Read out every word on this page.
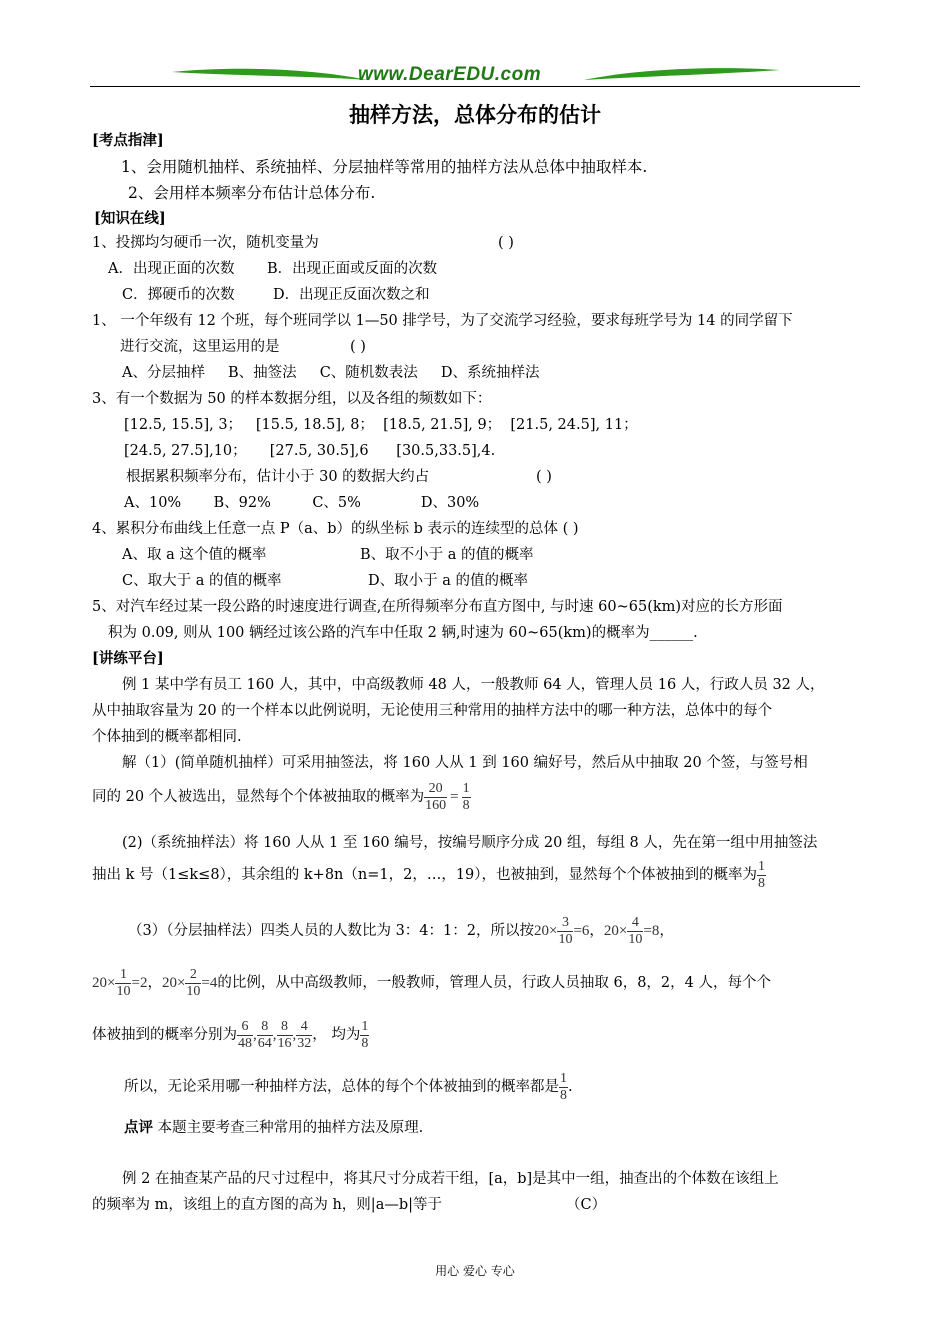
www.DearEDU.com
抽样方法，总体分布的估计
[考点指津]
1、会用随机抽样、系统抽样、分层抽样等常用的抽样方法从总体中抽取样本.
2、会用样本频率分布估计总体分布.
[知识在线]
1、投掷均匀硬币一次，随机变量为	( )
A．出现正面的次数 B．出现正面或反面的次数
C．掷硬币的次数	D．出现正反面次数之和
1、 一个年级有 12 个班，每个班同学以 1—50 排学号，为了交流学习经验，要求每班学号为 14 的同学留下
进行交流，这里运用的是	( )
A、分层抽样     B、抽签法     C、随机数表法     D、系统抽样法
3、有一个数据为 50 的样本数据分组，以及各组的频数如下：
[12.5, 15.5], 3；   [15.5, 18.5], 8；  [18.5, 21.5], 9；  [21.5, 24.5], 11；
[24.5, 27.5],10；     [27.5, 30.5],6      [30.5,33.5],4.
根据累积频率分布，估计小于 30 的数据大约占	( )
A、10%       B、92%         C、5%             D、30%
4、累积分布曲线上任意一点 P（a、b）的纵坐标 b 表示的连续型的总体 ( )
A、取 a 这个值的概率	B、取不小于 a 的值的概率
C、取大于 a 的值的概率	D、取小于 a 的值的概率
5、对汽车经过某一段公路的时速度进行调查,在所得频率分布直方图中, 与时速 60~65(km)对应的长方形面
积为 0.09, 则从 100 辆经过该公路的汽车中任取 2 辆,时速为 60~65(km)的概率为______.
[讲练平台]
例 1 某中学有员工 160 人，其中，中高级教师 48 人，一般教师 64 人，管理人员 16 人，行政人员 32 人，
从中抽取容量为 20 的一个样本以此例说明，无论使用三种常用的抽样方法中的哪一种方法，总体中的每个
个体抽到的概率都相同.
解（1）(简单随机抽样）可采用抽签法，将 160 人从 1 到 160 编好号，然后从中抽取 20 个签，与签号相
同的 20 个人被选出，显然每个个体被抽取的概率为 $\frac{20}{160} = \frac{1}{8}$
(2)（系统抽样法）将 160 人从 1 至 160 编号，按编号顺序分成 20 组，每组 8 人，先在第一组中用抽签法
抽出 k 号（1≤k≤8），其余组的 k+8n（n=1，2，…，19），也被抽到，显然每个个体被抽到的概率为 $\frac{1}{8}$
（3）（分层抽样法）四类人员的人数比为 3：4：1：2，所以按$20\times \frac{3}{10} =6$，$20\times \frac{4}{10} =8$，
$20\times \frac{1}{10} =2$，$20\times \frac{2}{10} =4$的比例，从中高级教师，一般教师，管理人员，行政人员抽取 6，8，2，4 人，每个个
体被抽到的概率分别为 $\frac{6}{48}$ , $\frac{8}{64}$ , $\frac{8}{16}$ , $\frac{4}{32}$ ， 均为 $\frac{1}{8}$
所以，无论采用哪一种抽样方法，总体的每个个体被抽到的概率都是 $\frac{1}{8}$ .
点评 本题主要考查三种常用的抽样方法及原理.
例 2 在抽查某产品的尺寸过程中，将其尺寸分成若干组，[a，b]是其中一组，抽查出的个体数在该组上
的频率为 m，该组上的直方图的高为 h，则|a—b|等于	（C）
用心 爱心 专心
